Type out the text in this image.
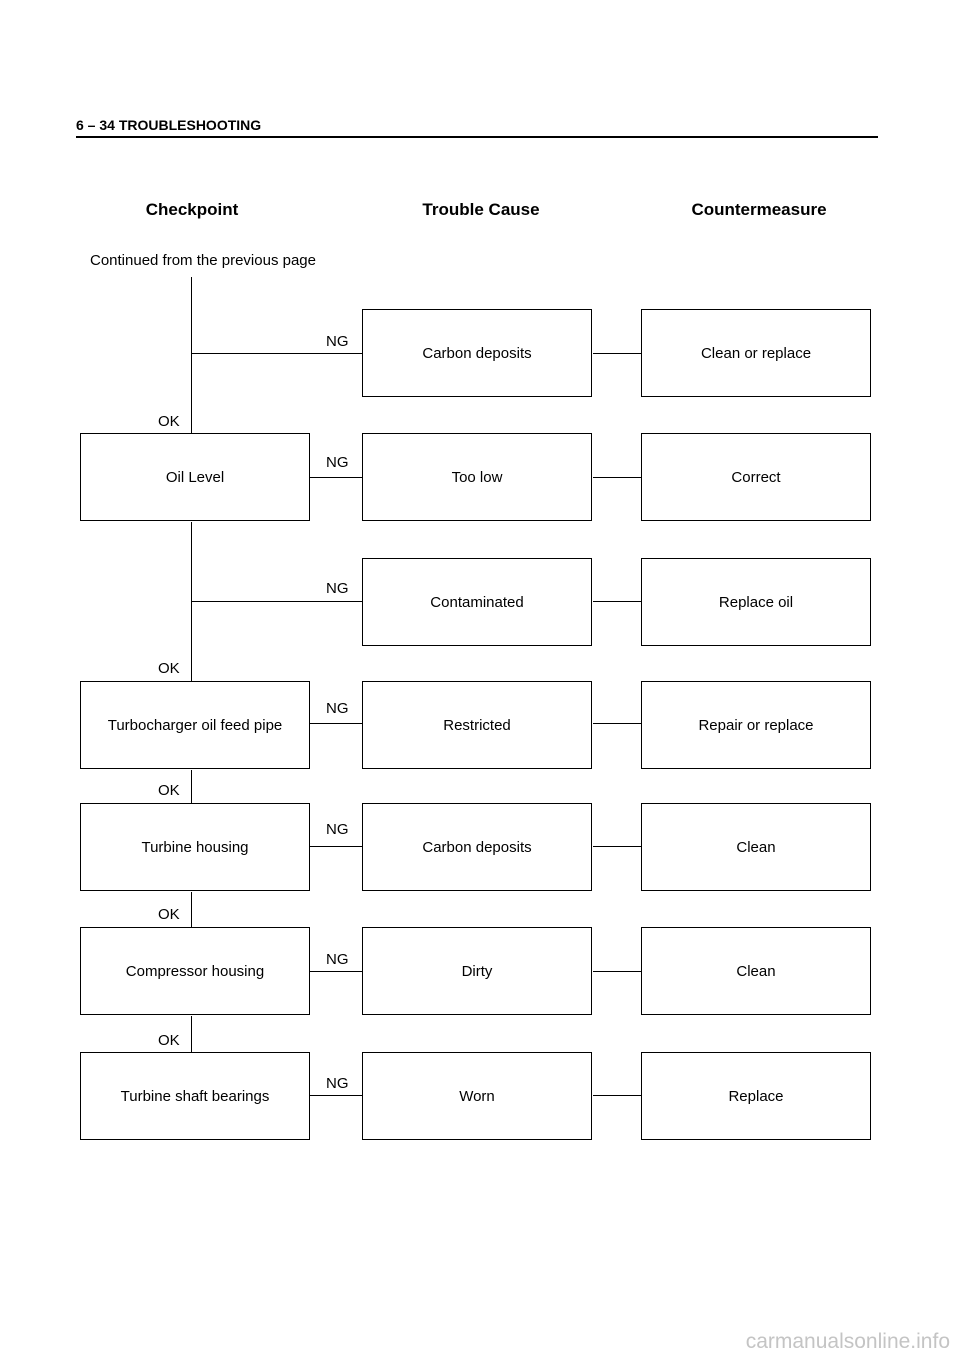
6 – 34 TROUBLESHOOTING
Checkpoint	Trouble Cause	Countermeasure
Continued from the previous page
OK
OK
OK
OK
OK
NG
Carbon deposits	Clean or replace
Oil Level
NG
Too low	Correct
NG
Contaminated	Replace oil
Turbocharger oil feed pipe
NG
Restricted	Repair or replace
Turbine housing
NG
Carbon deposits	Clean
Compressor housing
NG
Dirty	Clean
Turbine shaft bearings
NG
Worn	Replace
carmanualsonline.info
